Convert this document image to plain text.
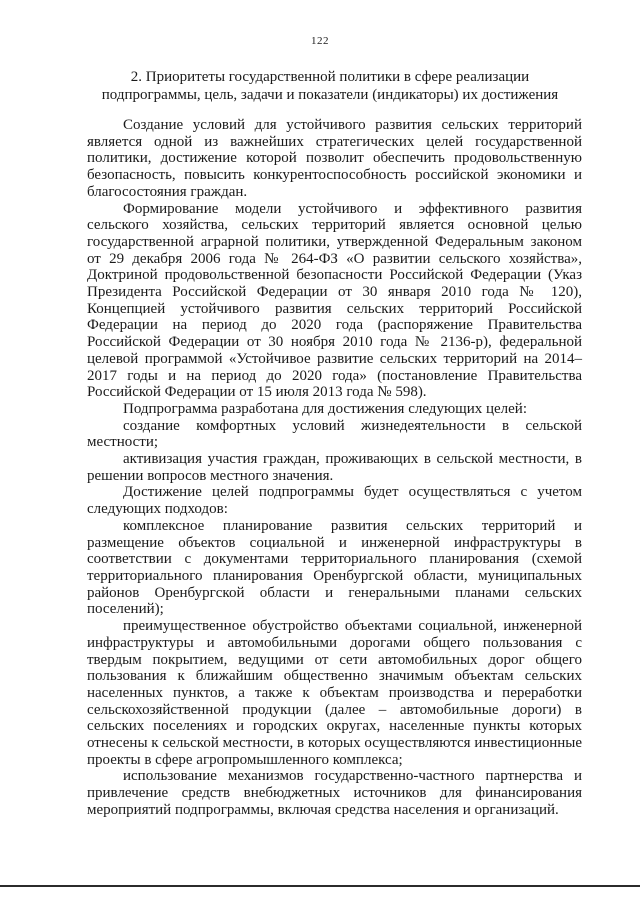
122
2. Приоритеты государственной политики в сфере реализации
подпрограммы, цель, задачи и показатели (индикаторы) их достижения

Создание условий для устойчивого развития сельских территорий является одной из важнейших стратегических целей государственной политики, достижение которой позволит обеспечить продовольственную безопасность, повысить конкурентоспособность российской экономики и благосостояния граждан.

Формирование модели устойчивого и эффективного развития сельского хозяйства, сельских территорий является основной целью государственной аграрной политики, утвержденной Федеральным законом от 29 декабря 2006 года № 264-ФЗ «О развитии сельского хозяйства», Доктриной продовольственной безопасности Российской Федерации (Указ Президента Российской Федерации от 30 января 2010 года № 120), Концепцией устойчивого развития сельских территорий Российской Федерации на период до 2020 года (распоряжение Правительства Российской Федерации от 30 ноября 2010 года № 2136-р), федеральной целевой программой «Устойчивое развитие сельских территорий на 2014–2017 годы и на период до 2020 года» (постановление Правительства Российской Федерации от 15 июля 2013 года № 598).

Подпрограмма разработана для достижения следующих целей:

создание комфортных условий жизнедеятельности в сельской местности;

активизация участия граждан, проживающих в сельской местности, в решении вопросов местного значения.

Достижение целей подпрограммы будет осуществляться с учетом следующих подходов:

комплексное планирование развития сельских территорий и размещение объектов социальной и инженерной инфраструктуры в соответствии с документами территориального планирования (схемой территориального планирования Оренбургской области, муниципальных районов Оренбургской области и генеральными планами сельских поселений);

преимущественное обустройство объектами социальной, инженерной инфраструктуры и автомобильными дорогами общего пользования с твердым покрытием, ведущими от сети автомобильных дорог общего пользования к ближайшим общественно значимым объектам сельских населенных пунктов, а также к объектам производства и переработки сельскохозяйственной продукции (далее – автомобильные дороги) в сельских поселениях и городских округах, населенные пункты которых отнесены к сельской местности, в которых осуществляются инвестиционные проекты в сфере агропромышленного комплекса;

использование механизмов государственно-частного партнерства и привлечение средств внебюджетных источников для финансирования мероприятий подпрограммы, включая средства населения и организаций.
